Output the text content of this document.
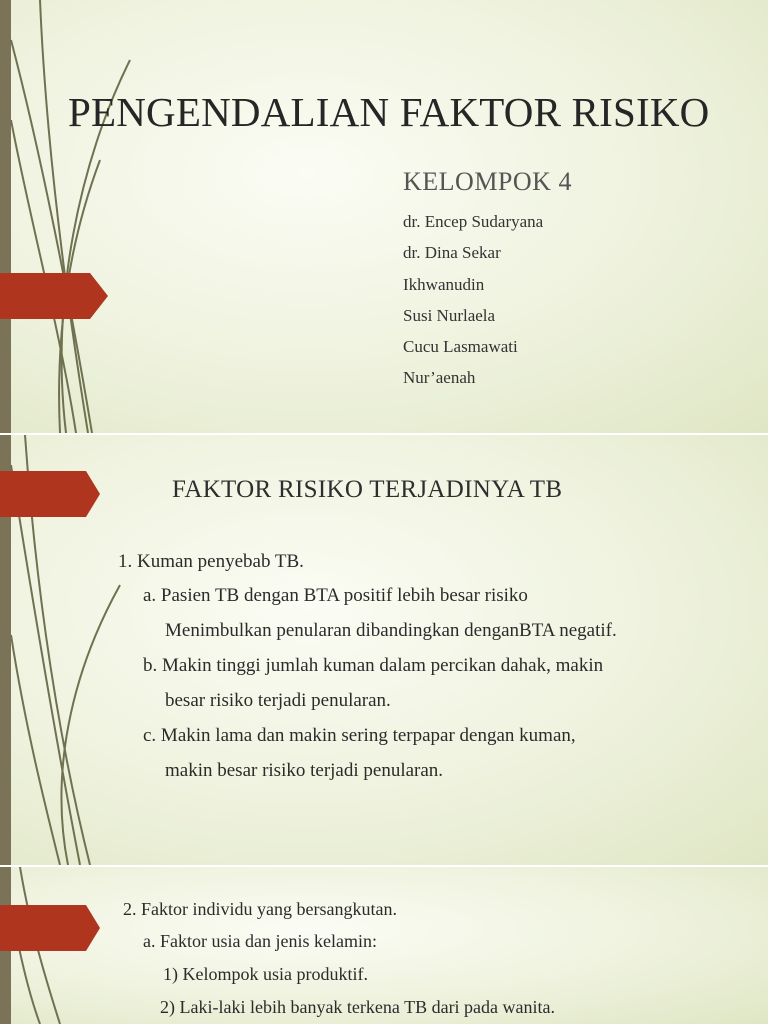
PENGENDALIAN FAKTOR RISIKO
KELOMPOK 4
dr. Encep Sudaryana
dr. Dina Sekar
Ikhwanudin
Susi Nurlaela
Cucu Lasmawati
Nur’aenah
FAKTOR RISIKO TERJADINYA TB
1. Kuman penyebab TB.
a. Pasien TB dengan BTA positif lebih besar risiko
Menimbulkan penularan dibandingkan denganBTA negatif.
b. Makin tinggi jumlah kuman dalam percikan dahak, makin
besar risiko terjadi penularan.
c. Makin lama dan makin sering terpapar dengan kuman,
makin besar risiko terjadi penularan.
2. Faktor individu yang bersangkutan.
a. Faktor usia dan jenis kelamin:
1) Kelompok usia produktif.
2) Laki-laki lebih banyak terkena TB dari pada wanita.
